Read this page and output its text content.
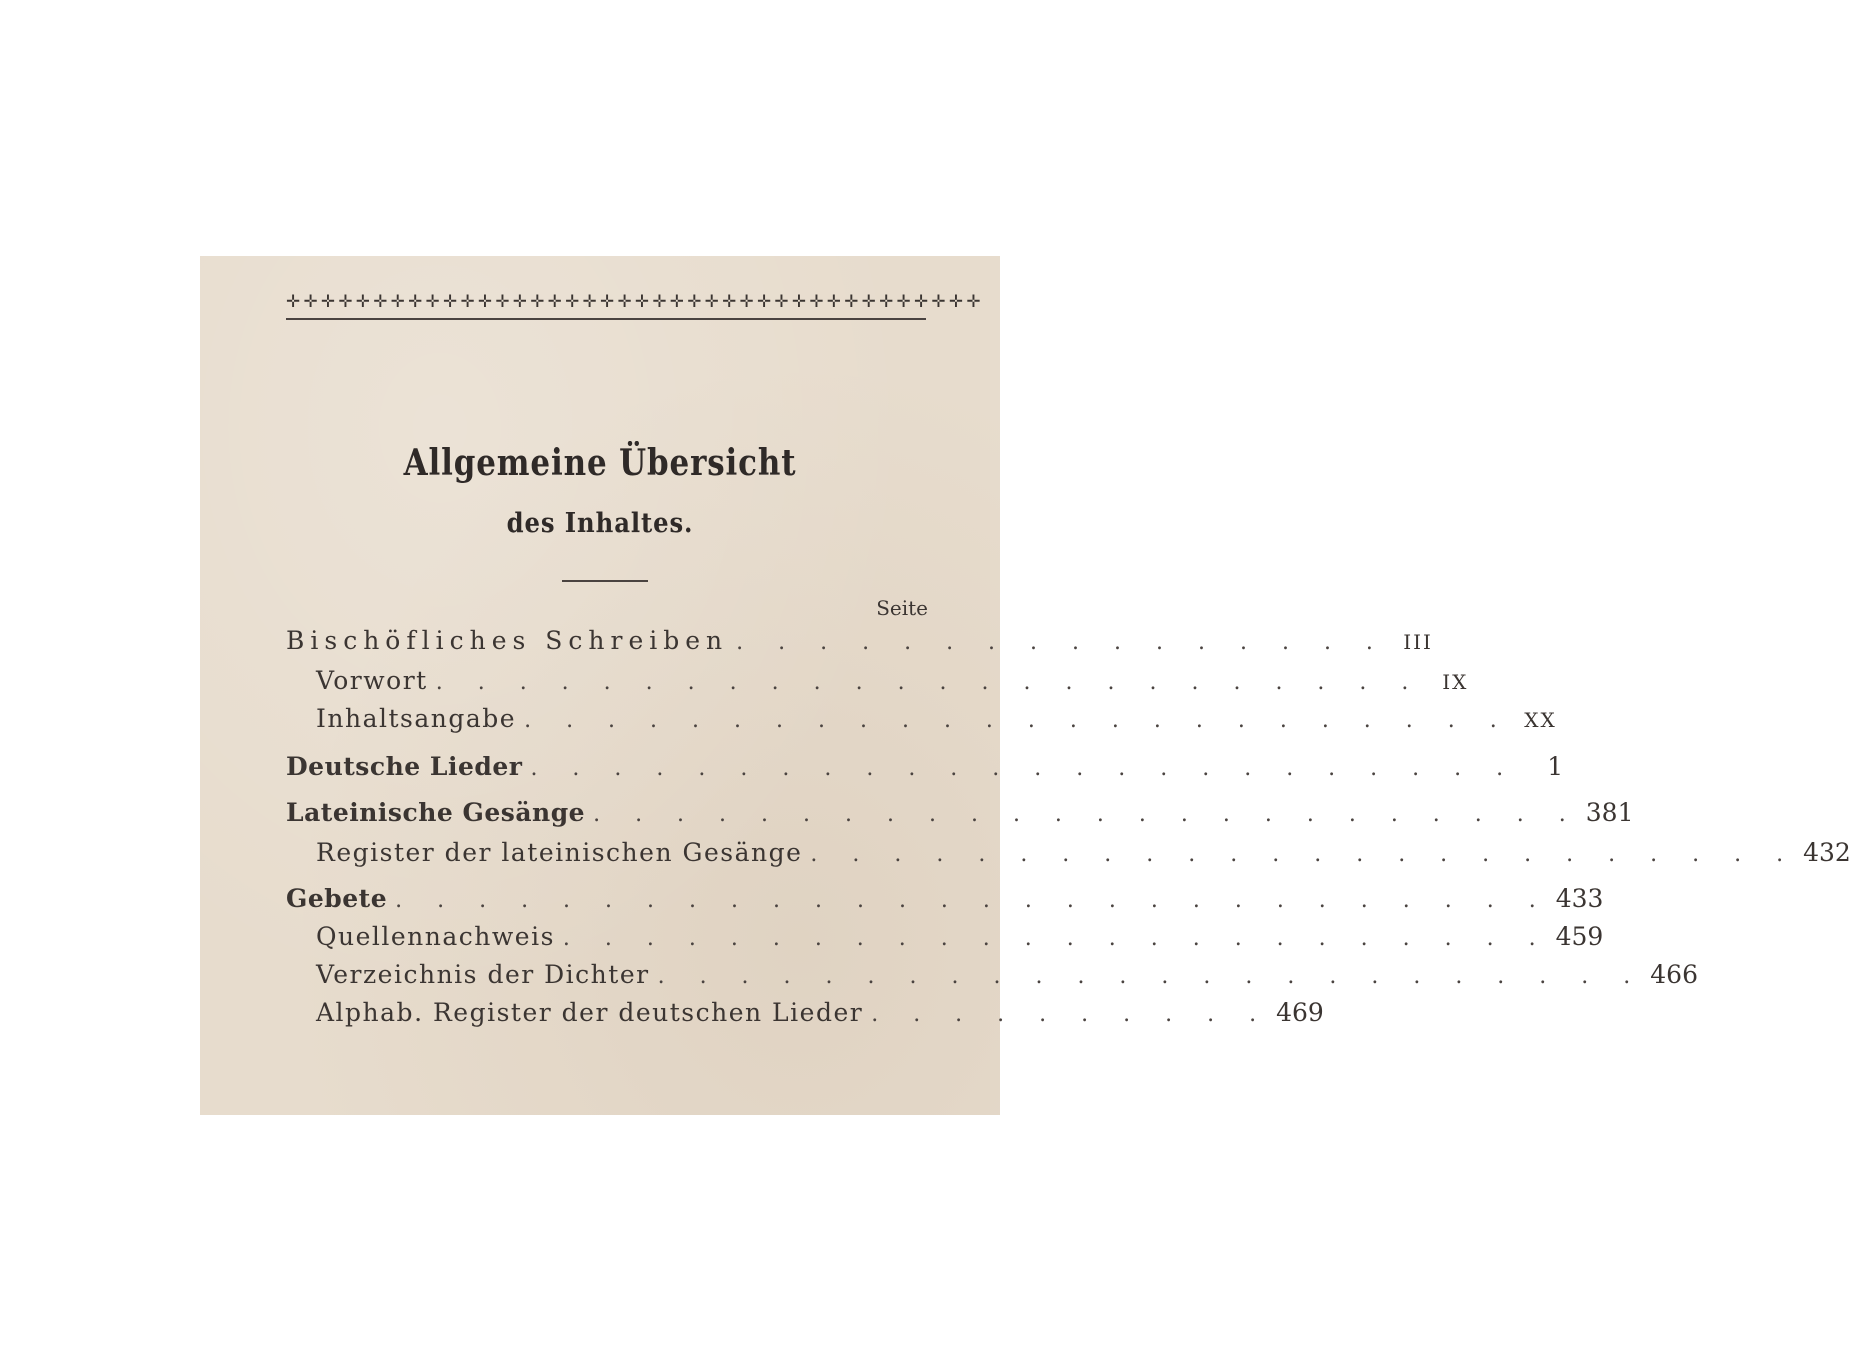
✛✛✛✛✛✛✛✛✛✛✛✛✛✛✛✛✛✛✛✛✛✛✛✛✛✛✛✛✛✛✛✛✛✛✛✛✛✛✛✛
Allgemeine Übersicht
des Inhaltes.
Seite
Bischöfliches Schreiben . . . . . . . . . . . . . . . . III
Vorwort . . . . . . . . . . . . . . . . . . . . . . . . IX
Inhaltsangabe . . . . . . . . . . . . . . . . . . . . . . . . XX
Deutsche Lieder . . . . . . . . . . . . . . . . . . . . . . . .	1
Lateinische Gesänge . . . . . . . . . . . . . . . . . . . . . . . . 381
Register der lateinischen Gesänge . . . . . . . . . . . . . . . . . . . . . . . . 432
Gebete . . . . . . . . . . . . . . . . . . . . . . . . . . . . 433
Quellennachweis . . . . . . . . . . . . . . . . . . . . . . . . 459
Verzeichnis der Dichter . . . . . . . . . . . . . . . . . . . . . . . . 466
Alphab. Register der deutschen Lieder . . . . . . . . . . 469
